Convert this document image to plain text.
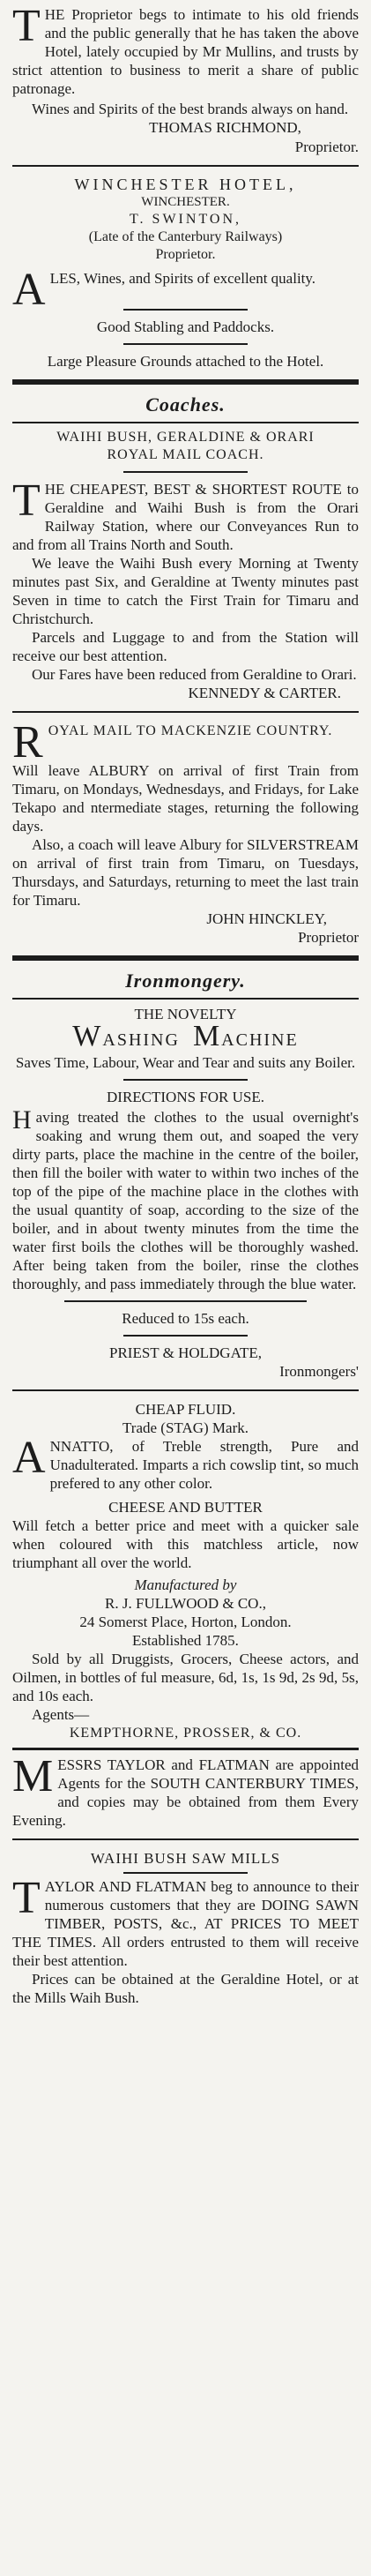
THE Proprietor begs to intimate to his old friends and the public generally that he has taken the above Hotel, lately occupied by Mr Mullins, and trusts by strict attention to business to merit a share of public patronage.

Wines and Spirits of the best brands always on hand.

THOMAS RICHMOND,

Proprietor.

WINCHESTER HOTEL,

WINCHESTER.

T. SWINTON,

(Late of the Canterbury Railways)

Proprietor.

ALES, Wines, and Spirits of excellent quality.

Good Stabling and Paddocks.

Large Pleasure Grounds attached to the Hotel.

Coaches.

WAIHI BUSH, GERALDINE & ORARI

ROYAL MAIL COACH.

THE CHEAPEST, BEST & SHORTEST ROUTE to Geraldine and Waihi Bush is from the Orari Railway Station, where our Conveyances Run to and from all Trains North and South.

We leave the Waihi Bush every Morning at Twenty minutes past Six, and Geraldine at Twenty minutes past Seven in time to catch the First Train for Timaru and Christchurch.

Parcels and Luggage to and from the Station will receive our best attention.

Our Fares have been reduced from Geraldine to Orari.

KENNEDY & CARTER.

ROYAL MAIL TO MACKENZIE COUNTRY.

Will leave ALBURY on arrival of first Train from Timaru, on Mondays, Wednesdays, and Fridays, for Lake Tekapo and ntermediate stages, returning the following days.

Also, a coach will leave Albury for SILVERSTREAM on arrival of first train from Timaru, on Tuesdays, Thursdays, and Saturdays, returning to meet the last train for Timaru.

JOHN HINCKLEY,

Proprietor

Ironmongery.

THE NOVELTY

WASHING MACHINE

Saves Time, Labour, Wear and Tear and suits any Boiler.

DIRECTIONS FOR USE.

Having treated the clothes to the usual overnight's soaking and wrung them out, and soaped the very dirty parts, place the machine in the centre of the boiler, then fill the boiler with water to within two inches of the top of the pipe of the machine place in the clothes with the usual quantity of soap, according to the size of the boiler, and in about twenty minutes from the time the water first boils the clothes will be thoroughly washed. After being taken from the boiler, rinse the clothes thoroughly, and pass immediately through the blue water.

Reduced to 15s each.

PRIEST & HOLDGATE,

Ironmongers'

CHEAP FLUID.

Trade (STAG) Mark.

ANNATTO, of Treble strength, Pure and Unadulterated. Imparts a rich cowslip tint, so much prefered to any other color.

CHEESE AND BUTTER

Will fetch a better price and meet with a quicker sale when coloured with this matchless article, now triumphant all over the world.

Manufactured by

R. J. FULLWOOD & CO.,

24 Somerst Place, Horton, London.

Established 1785.

Sold by all Druggists, Grocers, Cheese actors, and Oilmen, in bottles of ful measure, 6d, 1s, 1s 9d, 2s 9d, 5s, and 10s each.

Agents—

KEMPTHORNE, PROSSER, & CO.

MESSRS TAYLOR and FLATMAN are appointed Agents for the SOUTH CANTERBURY TIMES, and copies may be obtained from them Every Evening.

WAIHI BUSH SAW MILLS

TAYLOR AND FLATMAN beg to announce to their numerous customers that they are DOING SAWN TIMBER, POSTS, &c., AT PRICES TO MEET THE TIMES. All orders entrusted to them will receive their best attention.

Prices can be obtained at the Geraldine Hotel, or at the Mills Waih Bush.
